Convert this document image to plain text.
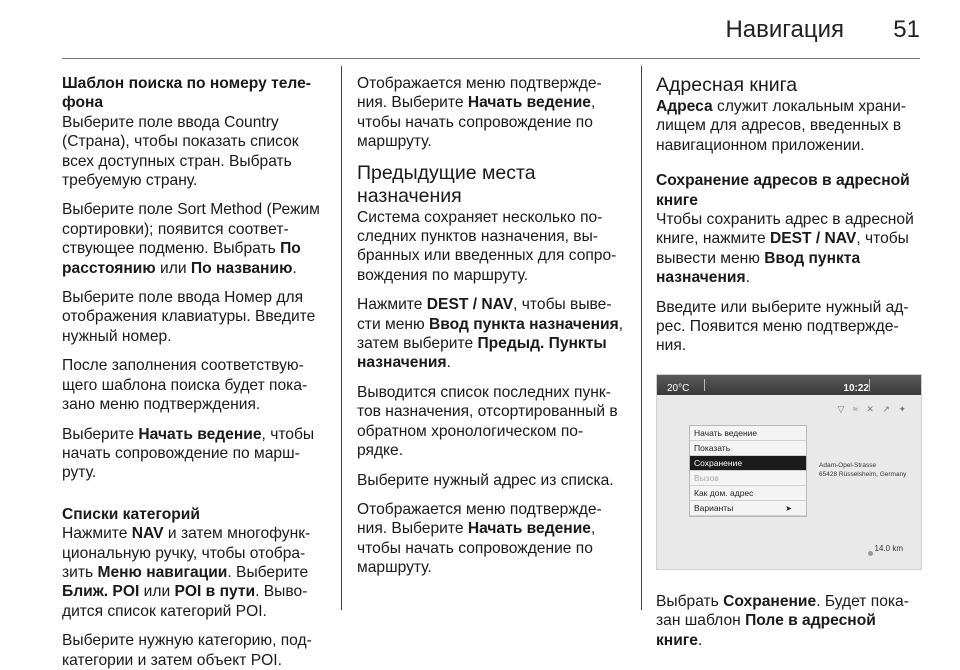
Навигация 51
Шаблон поиска по номеру теле-фона

Выберите поле ввода Country (Страна), чтобы показать список всех доступных стран. Выбрать требуемую страну.

Выберите поле Sort Method (Режим сортировки); появится соответ-ствующее подменю. Выбрать По расстоянию или По названию.

Выберите поле ввода Номер для отображения клавиатуры. Введите нужный номер.

После заполнения соответствую-щего шаблона поиска будет пока-зано меню подтверждения.

Выберите Начать ведение, чтобы начать сопровождение по марш-руту.

Списки категорий

Нажмите NAV и затем многофунк-циональную ручку, чтобы отобра-зить Меню навигации. Выберите Ближ. POI или POI в пути. Выво-дится список категорий POI.

Выберите нужную категорию, под-категории и затем объект POI.

Отображается меню подтвержде-ния. Выберите Начать ведение, чтобы начать сопровождение по маршруту.

Предыдущие места назначения

Система сохраняет несколько по-следних пунктов назначения, вы-бранных или введенных для сопро-вождения по маршруту.

Нажмите DEST / NAV, чтобы выве-сти меню Ввод пункта назначения, затем выберите Предыд. Пункты назначения.

Выводится список последних пунк-тов назначения, отсортированный в обратном хронологическом по-рядке.

Выберите нужный адрес из списка.

Отображается меню подтвержде-ния. Выберите Начать ведение, чтобы начать сопровождение по маршруту.

Адресная книга

Адреса служит локальным храни-лищем для адресов, введенных в навигационном приложении.

Сохранение адресов в адресной книге

Чтобы сохранить адрес в адресной книге, нажмите DEST / NAV, чтобы вывести меню Ввод пункта назначения.

Введите или выберите нужный ад-рес. Появится меню подтвержде-ния.

20°C	10:22
▽ ≈ ✕ ↗ ✦
Начать ведение
Показать
Сохранение
Вызов
Как дом. адрес
Варианты	➤
Adam-Opel-Strasse
65428 Rüsselsheim, Germany
14.0 km

Выбрать Сохранение. Будет пока-зан шаблон Поле в адресной книге.
